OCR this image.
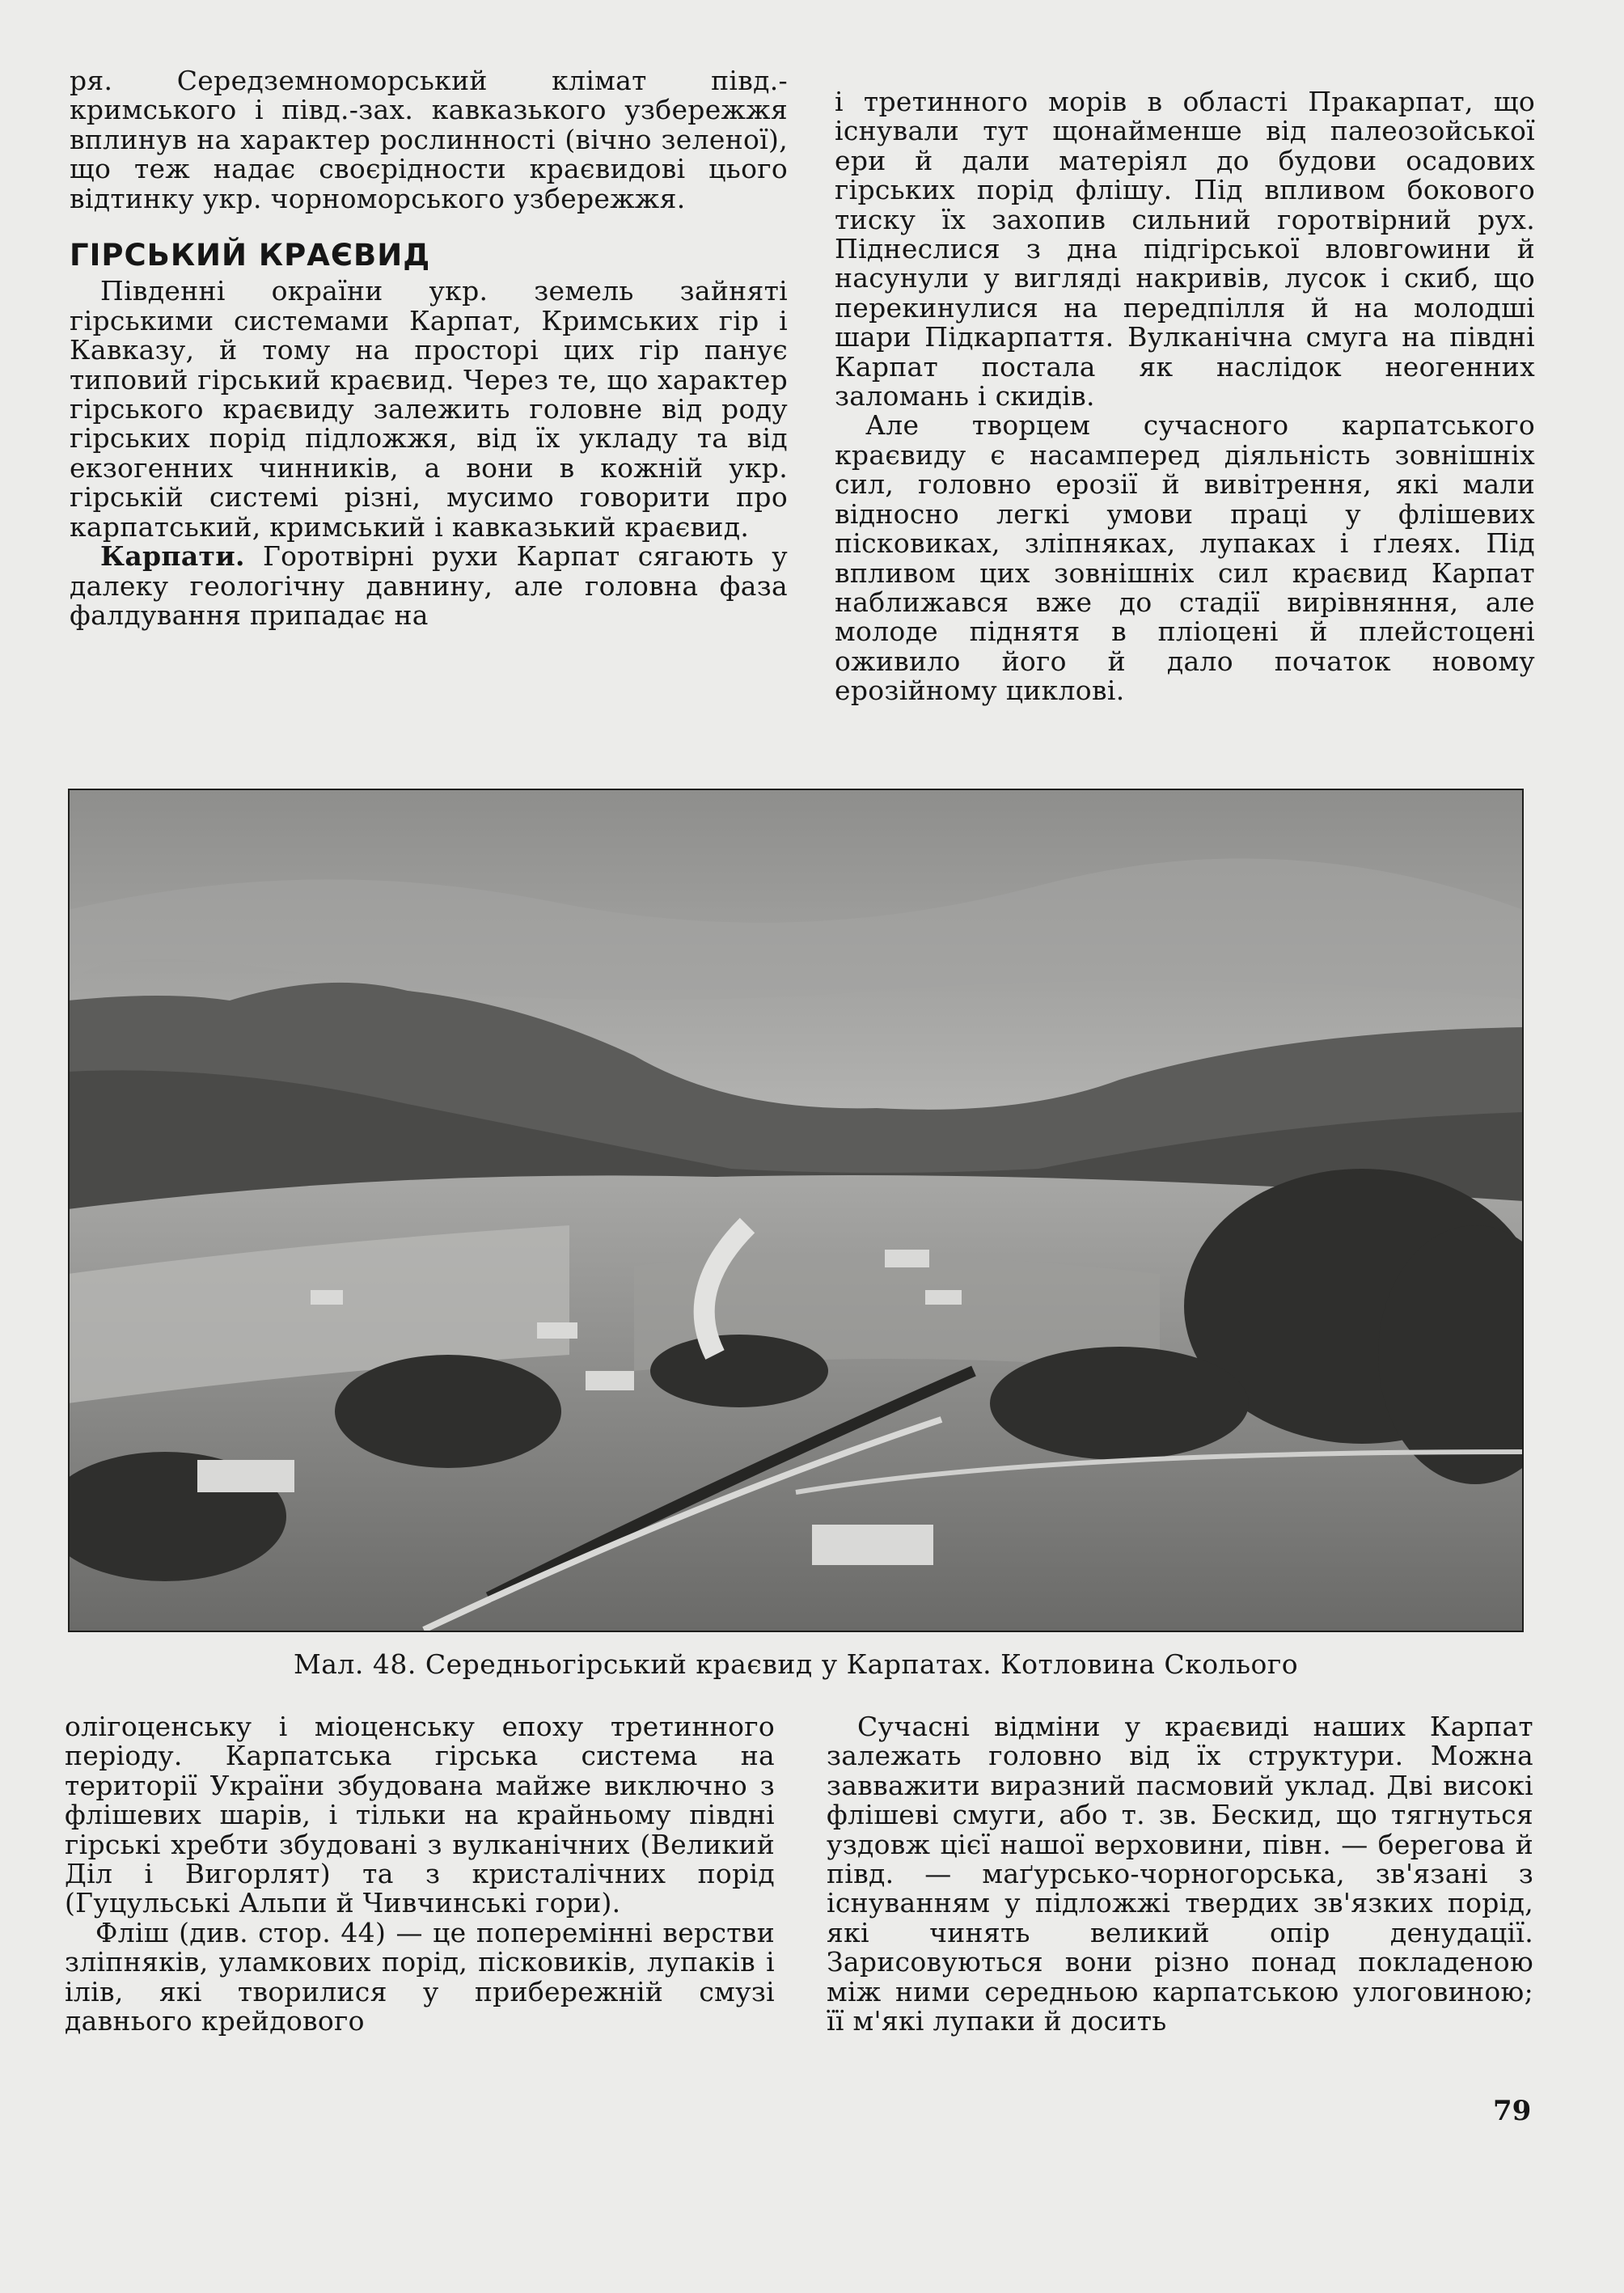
ря. Середземноморський клімат півд.-кримського і півд.-зах. кавказького узбережжя вплинув на характер рослинності (вічно зеленої), що теж надає своєрідности краєвидові цього відтинку укр. чорноморського узбережжя.

ГІРСЬКИЙ КРАЄВИД

Південні окраїни укр. земель зайняті гірськими системами Карпат, Кримських гір і Кавказу, й тому на просторі цих гір панує типовий гірський краєвид. Через те, що характер гірського краєвиду залежить головне від роду гірських порід підложжя, від їх укладу та від екзогенних чинників, а вони в кожній укр. гірській системі різні, мусимо говорити про карпатський, кримський і кавказький краєвид.

Карпати. Горотвірні рухи Карпат сягають у далеку геологічну давнину, але головна фаза фалдування припадає на

і третинного морів в області Пракарпат, що існували тут щонайменше від палеозойської ери й дали матеріял до будови осадових гірських порід флішу. Під впливом бокового тиску їх захопив сильний горотвірний рух. Піднеслися з дна підгірської вловгоѡини й насунули у вигляді накривів, лусок і скиб, що перекинулися на передпілля й на молодші шари Підкарпаття. Вулканічна смуга на півдні Карпат постала як наслідок неогенних заломань і скидів.

Але творцем сучасного карпатського краєвиду є насамперед діяльність зовнішніх сил, головно ерозії й вивітрення, які мали відносно легкі умови праці у флішевих пісковиках, зліпняках, лупаках і ґлеях. Під впливом цих зовнішніх сил краєвид Карпат наближався вже до стадії вирівняння, але молоде піднятя в пліоцені й плейстоцені оживило його й дало початок новому ерозійному циклові.

Мал. 48. Середньогірський краєвид у Карпатах. Котловина Сколього

олігоценську і міоценську епоху третинного періоду. Карпатська гірська система на території України збудована майже виключно з флішевих шарів, і тільки на крайньому півдні гірські хребти збудовані з вулканічних (Великий Діл і Вигорлят) та з кристалічних порід (Гуцульські Альпи й Чивчинські гори).

Фліш (див. стор. 44) — це поперемінні верстви зліпняків, уламкових порід, пісковиків, лупаків і ілів, які творилися у прибережній смузі давнього крейдового

Сучасні відміни у краєвиді наших Карпат залежать головно від їх структури. Можна завважити виразний пасмовий уклад. Дві високі флішеві смуги, або т. зв. Бескид, що тягнуться уздовж цієї нашої верховини, півн. — берегова й півд. — маґурсько-чорногорська, зв'язані з існуванням у підложжі твердих зв'язких порід, які чинять великий опір денудації. Зарисовуються вони різно понад покладеною між ними середньою карпатською улоговиною; її м'які лупаки й досить

79
